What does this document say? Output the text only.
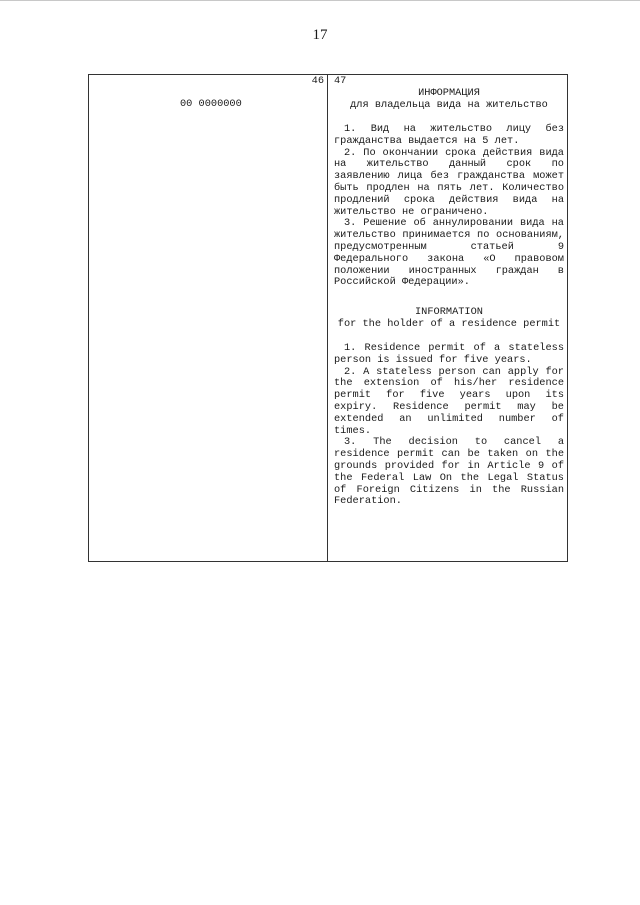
17
46
00 0000000
47
ИНФОРМАЦИЯ
для владельца вида на жительство

1. Вид на жительство лицу без гражданства выдается на 5 лет.

2. По окончании срока действия вида на жительство данный срок по заявлению лица без гражданства может быть продлен на пять лет. Количество продлений срока действия вида на жительство не ограничено.

3. Решение об аннулировании вида на жительство принимается по основаниям, предусмотренным статьей 9 Федерального закона «О правовом положении иностранных граждан в Российской Федерации».

INFORMATION
for the holder of a residence permit

1. Residence permit of a stateless person is issued for five years.

2. A stateless person can apply for the extension of his/her residence permit for five years upon its expiry. Residence permit may be extended an unlimited number of times.

3. The decision to cancel a residence permit can be taken on the grounds provided for in Article 9 of the Federal Law On the Legal Status of Foreign Citizens in the Russian Federation.
